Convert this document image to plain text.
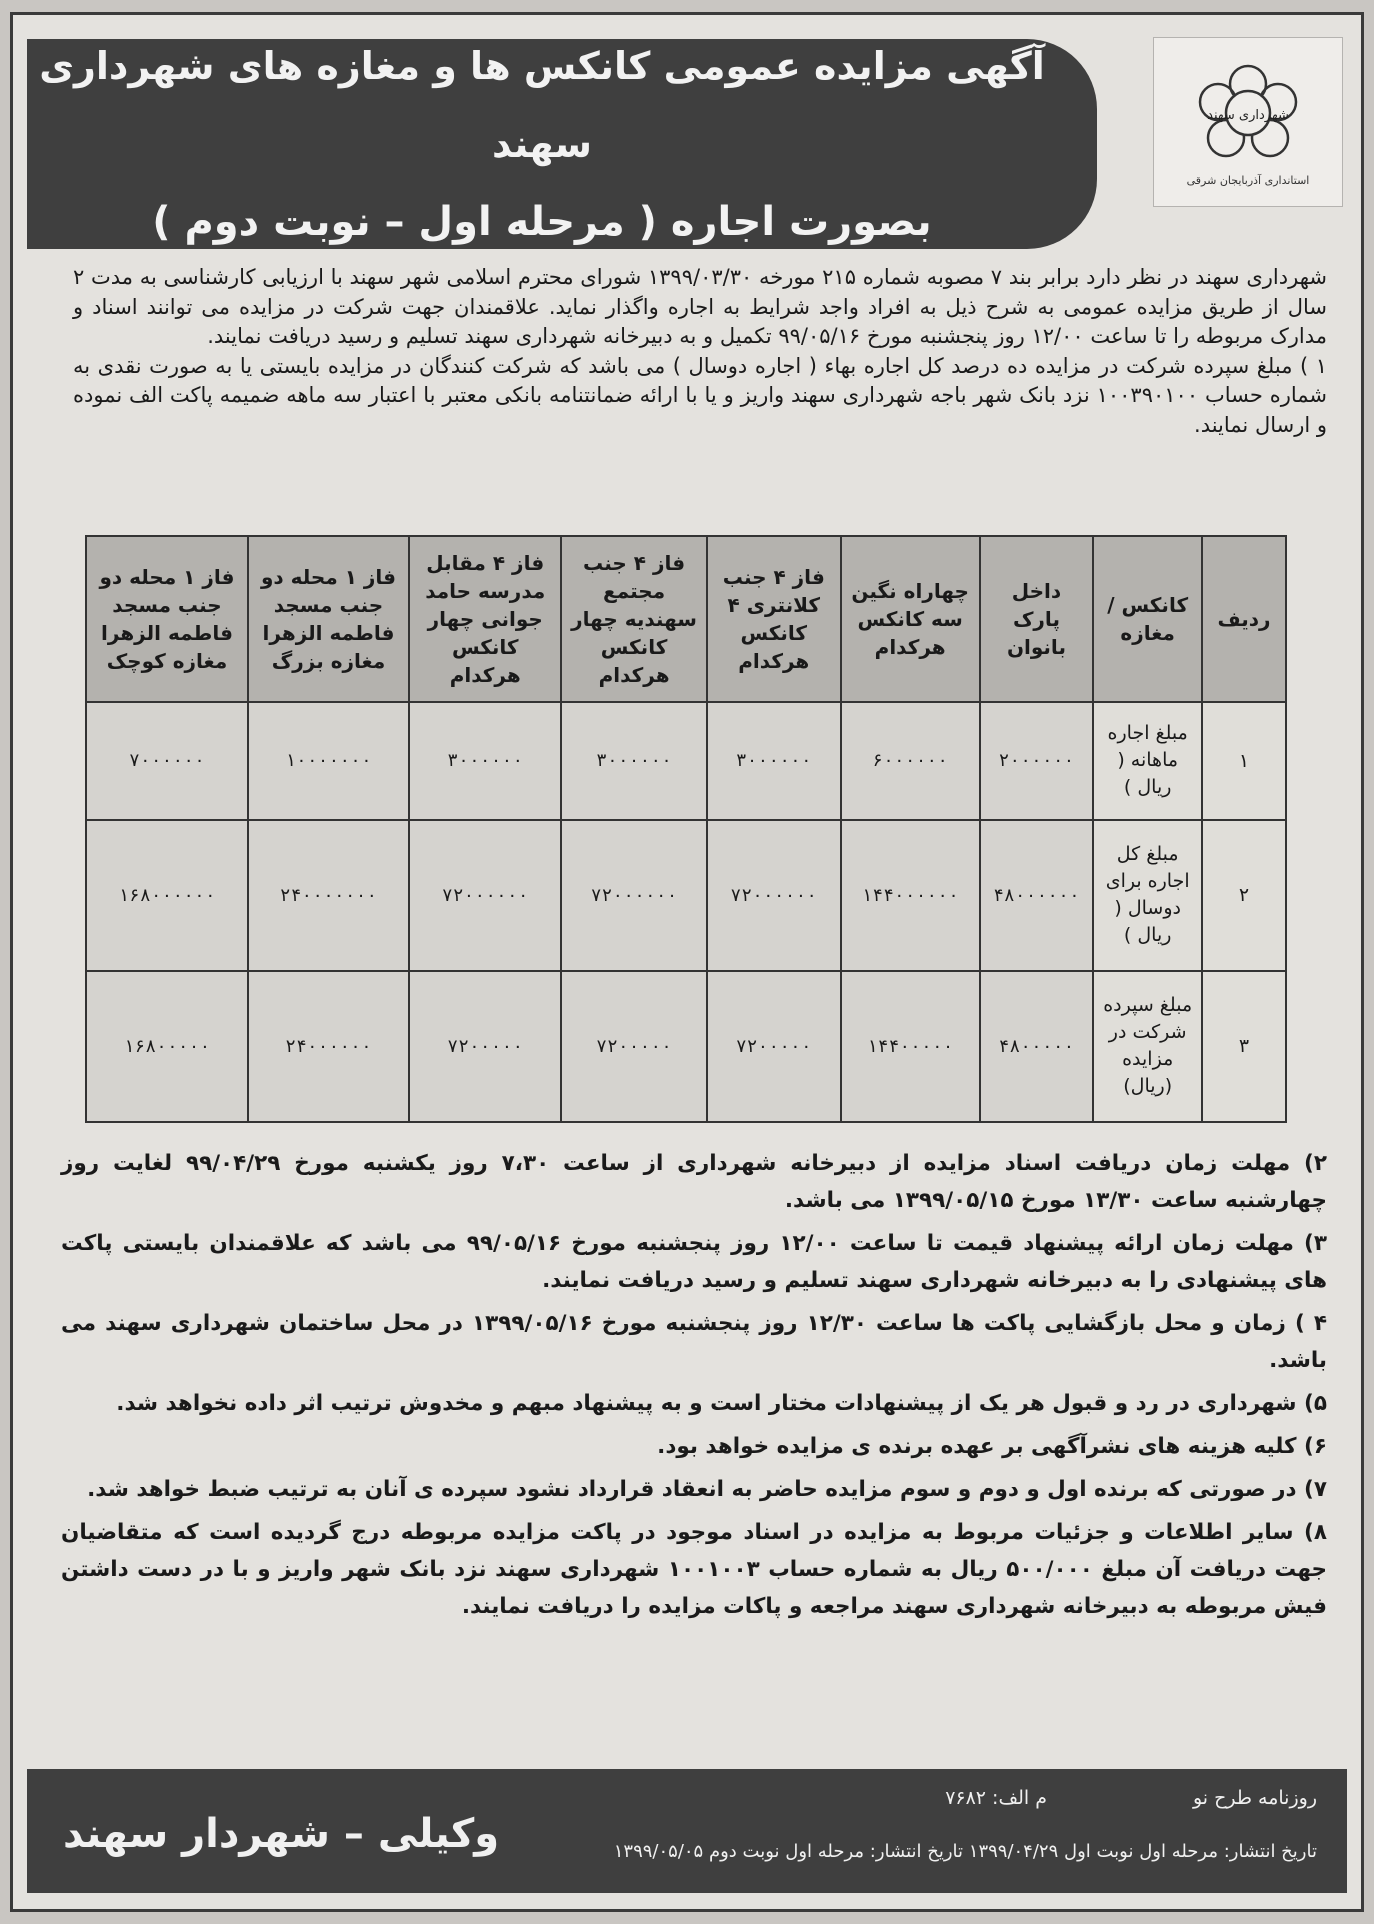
آگهی مزایده عمومی کانکس ها و مغازه های شهرداری سهند
بصورت اجاره ( مرحله اول – نوبت دوم )
شهرداری سهند
استانداری آذربایجان شرقی

شهرداری سهند در نظر دارد برابر بند ۷ مصوبه شماره ۲۱۵ مورخه ۱۳۹۹/۰۳/۳۰ شورای محترم اسلامی شهر سهند با ارزیابی کارشناسی به مدت ۲ سال از طریق مزایده عمومی به شرح ذیل به افراد واجد شرایط به اجاره واگذار نماید. علاقمندان جهت شرکت در مزایده می توانند اسناد و مدارک مربوطه را تا ساعت ۱۲/۰۰ روز پنجشنبه مورخ ۹۹/۰۵/۱۶ تکمیل و به دبیرخانه شهرداری سهند تسلیم و رسید دریافت نمایند.

۱ ) مبلغ سپرده شرکت در مزایده ده درصد کل اجاره بهاء ( اجاره دوسال ) می باشد که شرکت کنندگان در مزایده بایستی یا به صورت نقدی به شماره حساب ۱۰۰۳۹۰۱۰۰ نزد بانک شهر باجه شهرداری سهند واریز و یا با ارائه ضمانتنامه بانکی معتبر با اعتبار سه ماهه ضمیمه پاکت الف نموده و ارسال نمایند.

ردیف	کانکس / مغازه	داخل پارک بانوان	چهاراه نگین سه کانکس هرکدام	فاز ۴ جنب کلانتری ۴ کانکس هرکدام	فاز ۴ جنب مجتمع سهندیه چهار کانکس هرکدام	فاز ۴ مقابل مدرسه حامد جوانی چهار کانکس هرکدام	فاز ۱ محله دو جنب مسجد فاطمه الزهرا مغازه بزرگ	فاز ۱ محله دو جنب مسجد فاطمه الزهرا مغازه کوچک
۱	مبلغ اجاره ماهانه ( ریال )	۲۰۰۰۰۰۰	۶۰۰۰۰۰۰	۳۰۰۰۰۰۰	۳۰۰۰۰۰۰	۳۰۰۰۰۰۰	۱۰۰۰۰۰۰۰	۷۰۰۰۰۰۰
۲	مبلغ کل اجاره برای دوسال ( ریال )	۴۸۰۰۰۰۰۰	۱۴۴۰۰۰۰۰۰	۷۲۰۰۰۰۰۰	۷۲۰۰۰۰۰۰	۷۲۰۰۰۰۰۰	۲۴۰۰۰۰۰۰۰	۱۶۸۰۰۰۰۰۰
۳	مبلغ سپرده شرکت در مزایده (ریال)	۴۸۰۰۰۰۰	۱۴۴۰۰۰۰۰	۷۲۰۰۰۰۰	۷۲۰۰۰۰۰	۷۲۰۰۰۰۰	۲۴۰۰۰۰۰۰	۱۶۸۰۰۰۰۰

۲) مهلت زمان دریافت اسناد مزایده از دبیرخانه شهرداری از ساعت ۷،۳۰ روز یکشنبه مورخ ۹۹/۰۴/۲۹ لغایت روز چهارشنبه ساعت ۱۳/۳۰ مورخ ۱۳۹۹/۰۵/۱۵ می باشد.

۳) مهلت زمان ارائه پیشنهاد قیمت تا ساعت ۱۲/۰۰ روز پنجشنبه مورخ ۹۹/۰۵/۱۶ می باشد که علاقمندان بایستی پاکت های پیشنهادی را به دبیرخانه شهرداری سهند تسلیم و رسید دریافت نمایند.

۴ ) زمان و محل بازگشایی پاکت ها ساعت ۱۲/۳۰ روز پنجشنبه مورخ ۱۳۹۹/۰۵/۱۶ در محل ساختمان شهرداری سهند می باشد.

۵) شهرداری در رد و قبول هر یک از پیشنهادات مختار است و به پیشنهاد مبهم و مخدوش ترتیب اثر داده نخواهد شد.

۶) کلیه هزینه های نشرآگهی بر عهده برنده ی مزایده خواهد بود.

۷) در صورتی که برنده اول و دوم و سوم مزایده حاضر به انعقاد قرارداد نشود سپرده ی آنان به ترتیب ضبط خواهد شد.

۸) سایر اطلاعات و جزئیات مربوط به مزایده در اسناد موجود در پاکت مزایده مربوطه درج گردیده است که متقاضیان جهت دریافت آن مبلغ ۵۰۰/۰۰۰ ریال به شماره حساب ۱۰۰۱۰۰۳ شهرداری سهند نزد بانک شهر واریز و با در دست داشتن فیش مربوطه به دبیرخانه شهرداری سهند مراجعه و پاکات مزایده را دریافت نمایند.

روزنامه طرح نو
م الف: ۷۶۸۲
تاریخ انتشار: مرحله اول نوبت اول ۱۳۹۹/۰۴/۲۹ تاریخ انتشار: مرحله اول نوبت دوم ۱۳۹۹/۰۵/۰۵
وکیلی – شهردار سهند
